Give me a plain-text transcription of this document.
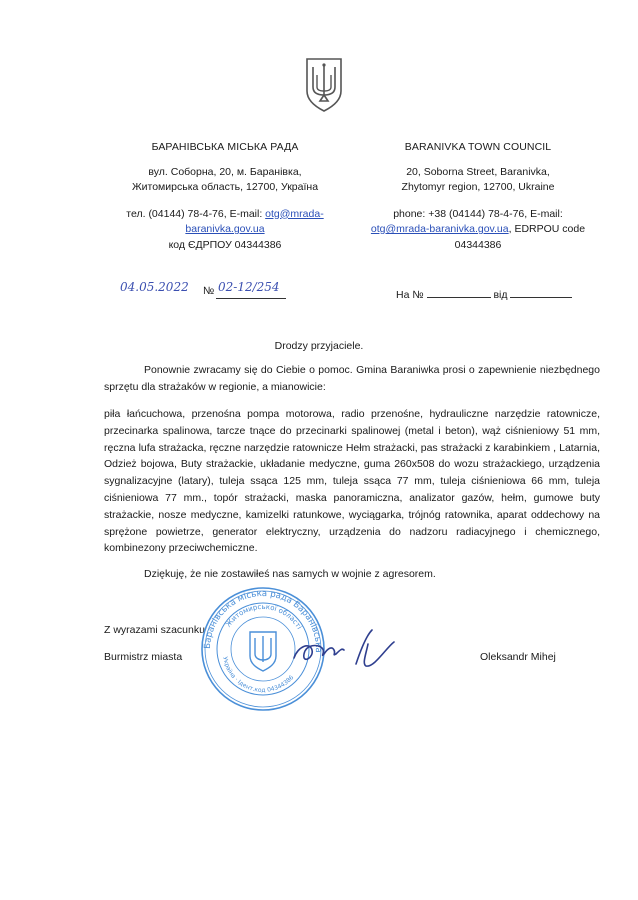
БАРАНІВСЬКА МІСЬКА РАДА
вул. Соборна, 20, м. Баранівка,
Житомирська область, 12700, Україна
тел. (04144) 78-4-76, E-mail: otg@mrada-baranivka.gov.ua
код ЄДРПОУ 04344386
BARANIVKA TOWN COUNCIL
20, Soborna Street, Baranivka,
Zhytomyr region, 12700, Ukraine
phone: +38 (04144) 78-4-76, E-mail:
otg@mrada-baranivka.gov.ua, EDRPOU code
04344386
04.05.2022 № 02-12/254
На №	від
Drodzy przyjaciele.
Ponownie zwracamy się do Ciebie o pomoc. Gmina Baraniwka prosi o zapewnienie niezbędnego sprzętu dla strażaków w regionie, a mianowicie:
piła łańcuchowa, przenośna pompa motorowa, radio przenośne, hydrauliczne narzędzie ratownicze, przecinarka spalinowa, tarcze tnące do przecinarki spalinowej (metal i beton), wąż ciśnieniowy 51 mm, ręczna lufa strażacka, ręczne narzędzie ratownicze Hełm strażacki, pas strażacki z karabinkiem , Latarnia, Odzież bojowa, Buty strażackie, układanie medyczne, guma 260x508 do wozu strażackiego, urządzenia sygnalizacyjne (latary), tuleja ssąca 125 mm, tuleja ssąca 77 mm, tuleja ciśnieniowa 66 mm, tuleja ciśnieniowa 77 mm., topór strażacki, maska panoramiczna, analizator gazów, hełm, gumowe buty strażackie, nosze medyczne, kamizelki ratunkowe, wyciągarka, trójnóg ratownika, aparat oddechowy na sprężone powietrze, generator elektryczny, urządzenia do nadzoru radiacyjnego i chemicznego, kombinezony przeciwchemiczne.
Dziękuję, że nie zostawiłeś nas samych w wojnie z agresorem.
Z wyrazami szacunku
Burmistrz miasta	Oleksandr Mihej
Баранівська міська рада Баранівська
Житомирської області
Україна · Ідент.код 04344386
